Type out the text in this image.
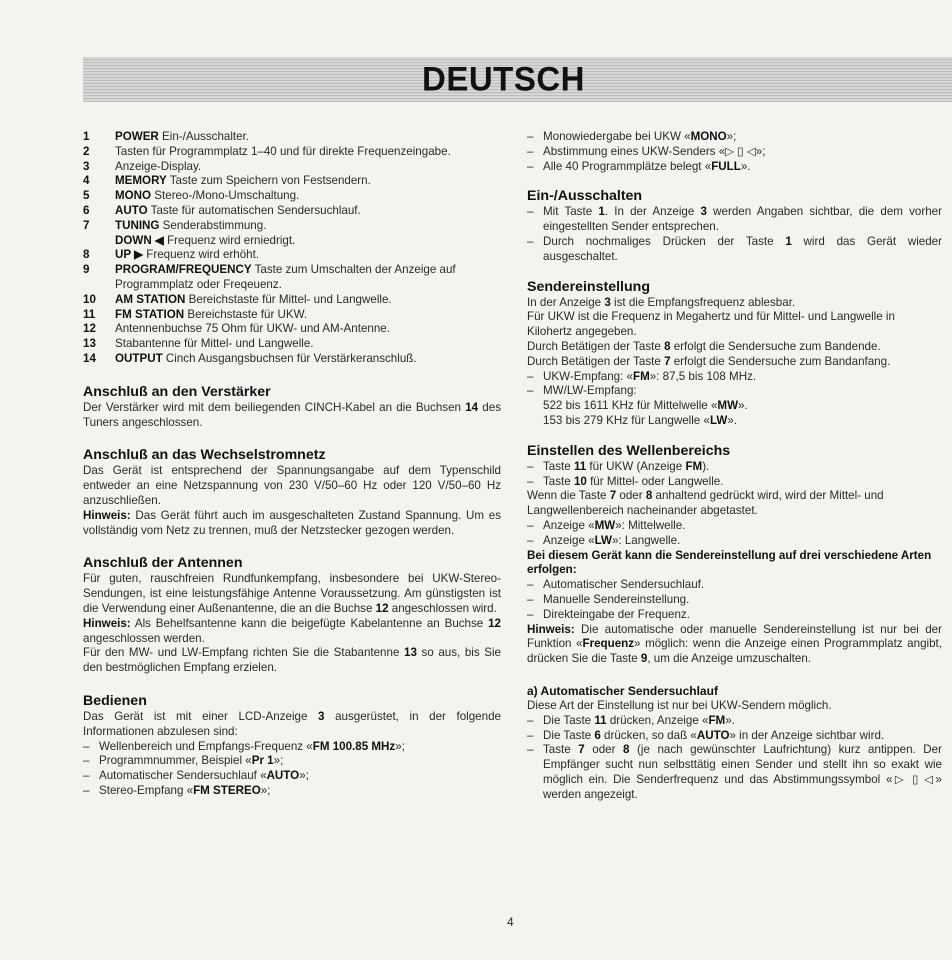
DEUTSCH
1	POWER Ein-/Ausschalter.
2	Tasten für Programmplatz 1–40 und für direkte Frequenzeingabe.
3	Anzeige-Display.
4	MEMORY Taste zum Speichern von Festsendern.
5	MONO Stereo-/Mono-Umschaltung.
6	AUTO Taste für automatischen Sendersuchlauf.
7	TUNING Senderabstimmung.
DOWN ◀ Frequenz wird erniedrigt.
8	UP ▶ Frequenz wird erhöht.
9	PROGRAM/FREQUENCY Taste zum Umschalten der Anzeige auf Programmplatz oder Freqeuenz.
10	AM STATION Bereichstaste für Mittel- und Langwelle.
11	FM STATION Bereichstaste für UKW.
12	Antennenbuchse 75 Ohm für UKW- und AM-Antenne.
13	Stabantenne für Mittel- und Langwelle.
14	OUTPUT Cinch Ausgangsbuchsen für Verstärkeranschluß.
Anschluß an den Verstärker

Der Verstärker wird mit dem beiliegenden CINCH-Kabel an die Buchsen 14 des Tuners angeschlossen.

Anschluß an das Wechselstromnetz

Das Gerät ist entsprechend der Spannungsangabe auf dem Typenschild entweder an eine Netzspannung von 230 V/50–60 Hz oder 120 V/50–60 Hz anzuschließen.

Hinweis: Das Gerät führt auch im ausgeschalteten Zustand Spannung. Um es vollständig vom Netz zu trennen, muß der Netzstecker gezogen werden.

Anschluß der Antennen

Für guten, rauschfreien Rundfunkempfang, insbesondere bei UKW-Stereo-Sendungen, ist eine leistungsfähige Antenne Voraussetzung. Am günstigsten ist die Verwendung einer Außenantenne, die an die Buchse 12 angeschlossen wird.

Hinweis: Als Behelfsantenne kann die beigefügte Kabelantenne an Buchse 12 angeschlossen werden.

Für den MW- und LW-Empfang richten Sie die Stabantenne 13 so aus, bis Sie den bestmöglichen Empfang erzielen.

Bedienen

Das Gerät ist mit einer LCD-Anzeige 3 ausgerüstet, in der folgende Informationen abzulesen sind:

– Wellenbereich und Empfangs-Frequenz «FM 100.85 MHz»;
– Programmnummer, Beispiel «Pr 1»;
– Automatischer Sendersuchlauf «AUTO»;
– Stereo-Empfang «FM STEREO»;
– Monowiedergabe bei UKW «MONO»;
– Abstimmung eines UKW-Senders «▷ ▯ ◁»;
– Alle 40 Programmplätze belegt «FULL».
Ein-/Ausschalten
– Mit Taste 1. In der Anzeige 3 werden Angaben sichtbar, die dem vorher eingestellten Sender entsprechen.
– Durch nochmaliges Drücken der Taste 1 wird das Gerät wieder ausgeschaltet.
Sendereinstellung

In der Anzeige 3 ist die Empfangsfrequenz ablesbar.

Für UKW ist die Frequenz in Megahertz und für Mittel- und Langwelle in Kilohertz angegeben.

Durch Betätigen der Taste 8 erfolgt die Sendersuche zum Bandende.

Durch Betätigen der Taste 7 erfolgt die Sendersuche zum Bandanfang.

– UKW-Empfang: «FM»: 87,5 bis 108 MHz.
– MW/LW-Empfang:
522 bis 1611 KHz für Mittelwelle «MW».
153 bis 279 KHz für Langwelle «LW».
Einstellen des Wellenbereichs
– Taste 11 für UKW (Anzeige FM).
– Taste 10 für Mittel- oder Langwelle.

Wenn die Taste 7 oder 8 anhaltend gedrückt wird, wird der Mittel- und Langwellenbereich nacheinander abgetastet.

– Anzeige «MW»: Mittelwelle.
– Anzeige «LW»: Langwelle.

Bei diesem Gerät kann die Sendereinstellung auf drei verschiedene Arten erfolgen:

– Automatischer Sendersuchlauf.
– Manuelle Sendereinstellung.
– Direkteingabe der Frequenz.

Hinweis: Die automatische oder manuelle Sendereinstellung ist nur bei der Funktion «Frequenz» möglich: wenn die Anzeige einen Programmplatz angibt, drücken Sie die Taste 9, um die Anzeige umzuschalten.

a) Automatischer Sendersuchlauf

Diese Art der Einstellung ist nur bei UKW-Sendern möglich.

– Die Taste 11 drücken, Anzeige «FM».
– Die Taste 6 drücken, so daß «AUTO» in der Anzeige sichtbar wird.
– Taste 7 oder 8 (je nach gewünschter Laufrichtung) kurz antippen. Der Empfänger sucht nun selbsttätig einen Sender und stellt ihn so exakt wie möglich ein. Die Senderfrequenz und das Abstimmungssymbol «▷ ▯ ◁» werden angezeigt.
4
